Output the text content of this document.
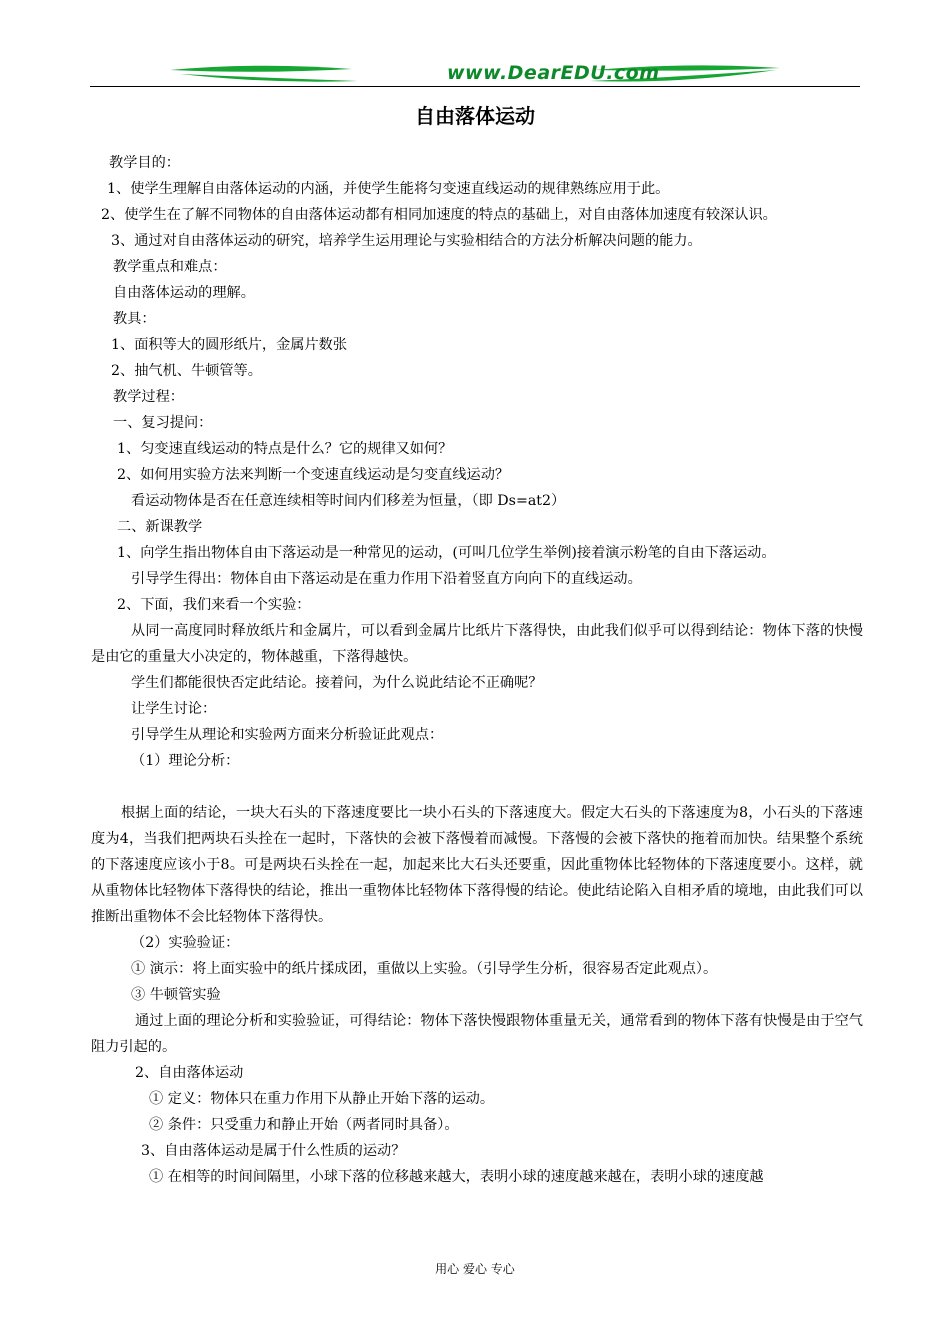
www.DearEDU.com
自由落体运动

教学目的：

1、使学生理解自由落体运动的内涵，并使学生能将匀变速直线运动的规律熟练应用于此。

2、使学生在了解不同物体的自由落体运动都有相同加速度的特点的基础上，对自由落体加速度有较深认识。

3、通过对自由落体运动的研究，培养学生运用理论与实验相结合的方法分析解决问题的能力。

教学重点和难点：

自由落体运动的理解。

教具：

1、面积等大的圆形纸片，金属片数张

2、抽气机、牛顿管等。

教学过程：

一、复习提问：

1、匀变速直线运动的特点是什么？它的规律又如何？

2、如何用实验方法来判断一个变速直线运动是匀变直线运动？

看运动物体是否在任意连续相等时间内们移差为恒量，（即 Ds=at2）

二、新课教学

1、向学生指出物体自由下落运动是一种常见的运动，(可叫几位学生举例)接着演示粉笔的自由下落运动。

引导学生得出：物体自由下落运动是在重力作用下沿着竖直方向向下的直线运动。

2、下面，我们来看一个实验：

从同一高度同时释放纸片和金属片，可以看到金属片比纸片下落得快，由此我们似乎可以得到结论：物体下落的快慢是由它的重量大小决定的，物体越重，下落得越快。

学生们都能很快否定此结论。接着问，为什么说此结论不正确呢？

让学生讨论：

引导学生从理论和实验两方面来分析验证此观点：

（1）理论分析：

根据上面的结论，一块大石头的下落速度要比一块小石头的下落速度大。假定大石头的下落速度为8，小石头的下落速度为4，当我们把两块石头拴在一起时，下落快的会被下落慢着而减慢。下落慢的会被下落快的拖着而加快。结果整个系统的下落速度应该小于8。可是两块石头拴在一起，加起来比大石头还要重，因此重物体比轻物体的下落速度要小。这样，就从重物体比轻物体下落得快的结论，推出一重物体比轻物体下落得慢的结论。使此结论陷入自相矛盾的境地，由此我们可以推断出重物体不会比轻物体下落得快。

（2）实验验证：

① 演示：将上面实验中的纸片揉成团，重做以上实验。（引导学生分析，很容易否定此观点）。

③ 牛顿管实验

通过上面的理论分析和实验验证，可得结论：物体下落快慢跟物体重量无关，通常看到的物体下落有快慢是由于空气阻力引起的。

2、自由落体运动

① 定义：物体只在重力作用下从静止开始下落的运动。

② 条件：只受重力和静止开始（两者同时具备）。

3、自由落体运动是属于什么性质的运动？

① 在相等的时间间隔里，小球下落的位移越来越大，表明小球的速度越来越在，表明小球的速度越

用心 爱心 专心
